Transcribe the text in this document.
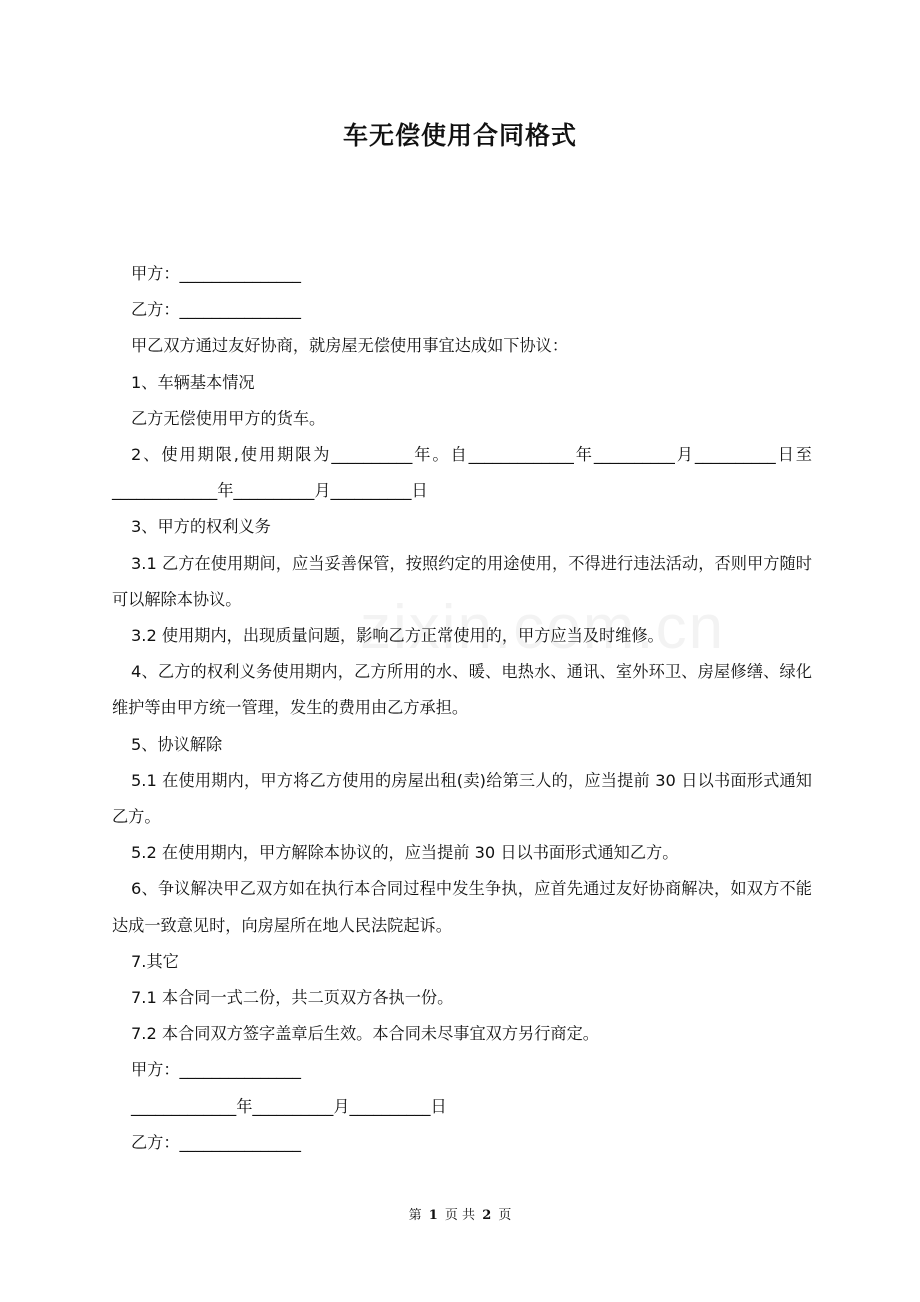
车无偿使用合同格式

甲方：_______________

乙方：_______________

甲乙双方通过友好协商，就房屋无偿使用事宜达成如下协议：

1、车辆基本情况

乙方无偿使用甲方的货车。

2、使用期限,使用期限为__________年。自_____________年__________月__________日至_____________年__________月__________日

3、甲方的权利义务

3.1 乙方在使用期间，应当妥善保管，按照约定的用途使用，不得进行违法活动，否则甲方随时可以解除本协议。

3.2 使用期内，出现质量问题，影响乙方正常使用的，甲方应当及时维修。

4、乙方的权利义务使用期内，乙方所用的水、暖、电热水、通讯、室外环卫、房屋修缮、绿化维护等由甲方统一管理，发生的费用由乙方承担。

5、协议解除

5.1 在使用期内，甲方将乙方使用的房屋出租(卖)给第三人的，应当提前 30 日以书面形式通知乙方。

5.2 在使用期内，甲方解除本协议的，应当提前 30 日以书面形式通知乙方。

6、争议解决甲乙双方如在执行本合同过程中发生争执，应首先通过友好协商解决，如双方不能达成一致意见时，向房屋所在地人民法院起诉。

7.其它

7.1 本合同一式二份，共二页双方各执一份。

7.2 本合同双方签字盖章后生效。本合同未尽事宜双方另行商定。

甲方：_______________

_____________年__________月__________日

乙方：_______________

第 1 页 共 2 页
